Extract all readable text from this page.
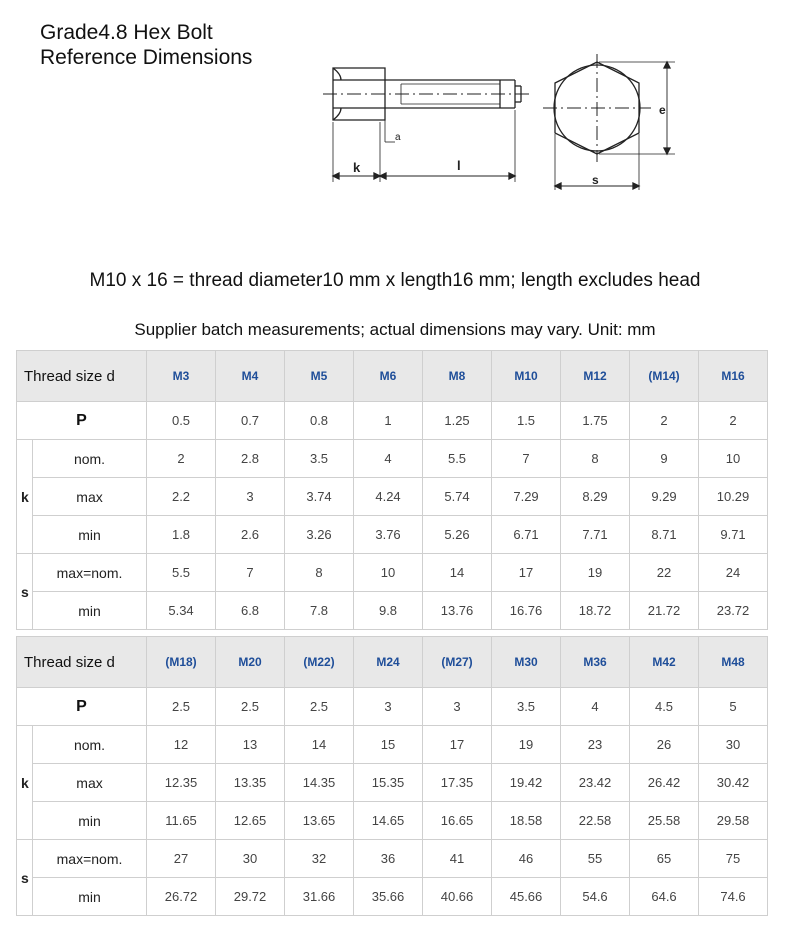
Grade4.8 Hex Bolt
Reference Dimensions
k	l
a
e
s
M10 x 16 = thread diameter10 mm x length16 mm; length excludes head
Supplier batch measurements; actual dimensions may vary. Unit: mm
Thread size d		M3	M4	M5	M6	M8	M10	M12	(M14)	M16
P		0.5	0.7	0.8	1	1.25	1.5	1.75	2	2
k	nom.	2	2.8	3.5	4	5.5	7	8	9	10
	max	2.2	3	3.74	4.24	5.74	7.29	8.29	9.29	10.29
	min	1.8	2.6	3.26	3.76	5.26	6.71	7.71	8.71	9.71
s	max=nom.	5.5	7	8	10	14	17	19	22	24
	min	5.34	6.8	7.8	9.8	13.76	16.76	18.72	21.72	23.72
Thread size d		(M18)	M20	(M22)	M24	(M27)	M30	M36	M42	M48
P		2.5	2.5	2.5	3	3	3.5	4	4.5	5
k	nom.	12	13	14	15	17	19	23	26	30
	max	12.35	13.35	14.35	15.35	17.35	19.42	23.42	26.42	30.42
	min	11.65	12.65	13.65	14.65	16.65	18.58	22.58	25.58	29.58
s	max=nom.	27	30	32	36	41	46	55	65	75
	min	26.72	29.72	31.66	35.66	40.66	45.66	54.6	64.6	74.6
